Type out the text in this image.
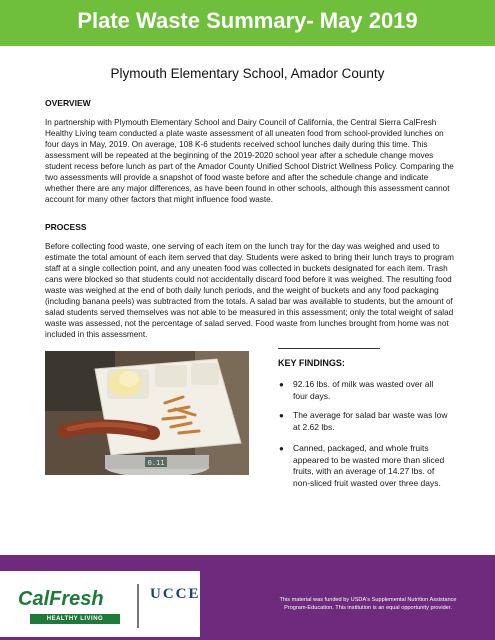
Plate Waste Summary- May 2019
Plymouth Elementary School, Amador County
OVERVIEW
In partnership with Plymouth Elementary School and Dairy Council of California, the Central Sierra CalFresh Healthy Living team conducted a plate waste assessment of all uneaten food from school-provided lunches on four days in May, 2019. On average, 108 K-6 students received school lunches daily during this time. This assessment will be repeated at the beginning of the 2019-2020 school year after a schedule change moves student recess before lunch as part of the Amador County Unified School District Wellness Policy. Comparing the two assessments will provide a snapshot of food waste before and after the schedule change and indicate whether there are any major differences, as have been found in other schools, although this assessment cannot account for many other factors that might influence food waste.
PROCESS
Before collecting food waste, one serving of each item on the lunch tray for the day was weighed and used to estimate the total amount of each item served that day. Students were asked to bring their lunch trays to program staff at a single collection point, and any uneaten food was collected in buckets designated for each item. Trash cans were blocked so that students could not accidentally discard food before it was weighed. The resulting food waste was weighed at the end of both daily lunch periods, and the weight of buckets and any food packaging (including banana peels) was subtracted from the totals. A salad bar was available to students, but the amount of salad students served themselves was not able to be measured in this assessment; only the total weight of salad waste was assessed, not the percentage of salad served. Food waste from lunches brought from home was not included in this assessment.
0.11
KEY FINDINGS:
●	92.16 lbs. of milk was wasted over all four days.
●	The average for salad bar waste was low at 2.62 lbs.
●	Canned, packaged, and whole fruits appeared to be wasted more than sliced fruits, with an average of 14.27 lbs. of non-sliced fruit wasted over three days.
CalFresh
HEALTHY LIVING
UCCE	This material was funded by USDA's Supplemental Nutrition Assistance
Program-Education. This institution is an equal opportunity provider.
